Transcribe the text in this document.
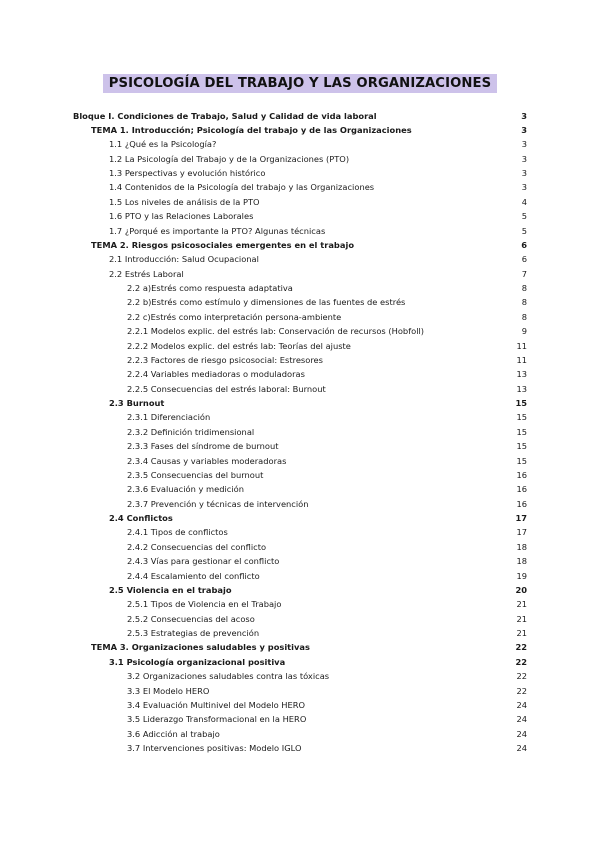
PSICOLOGÍA DEL TRABAJO Y LAS ORGANIZACIONES
Bloque I. Condiciones de Trabajo, Salud y Calidad de vida laboral	3
TEMA 1. Introducción; Psicología del trabajo y de las Organizaciones	3
1.1 ¿Qué es la Psicología?	3
1.2 La Psicología del Trabajo y de la Organizaciones (PTO)	3
1.3 Perspectivas y evolución histórico	3
1.4 Contenidos de la Psicología del trabajo y las Organizaciones	3
1.5 Los niveles de análisis de la PTO	4
1.6 PTO y las Relaciones Laborales	5
1.7 ¿Porqué es importante la PTO? Algunas técnicas	5
TEMA 2. Riesgos psicosociales emergentes en el trabajo	6
2.1 Introducción: Salud Ocupacional	6
2.2 Estrés Laboral	7
2.2 a)Estrés como respuesta adaptativa	8
2.2 b)Estrés como estímulo y dimensiones de las fuentes de estrés	8
2.2 c)Estrés como interpretación persona-ambiente	8
2.2.1 Modelos explic. del estrés lab: Conservación de recursos (Hobfoll)	9
2.2.2 Modelos explic. del estrés lab: Teorías del ajuste	11
2.2.3 Factores de riesgo psicosocial: Estresores	11
2.2.4 Variables mediadoras o moduladoras	13
2.2.5 Consecuencias del estrés laboral: Burnout	13
2.3 Burnout	15
2.3.1 Diferenciación	15
2.3.2 Definición tridimensional	15
2.3.3 Fases del síndrome de burnout	15
2.3.4 Causas y variables moderadoras	15
2.3.5 Consecuencias del burnout	16
2.3.6 Evaluación y medición	16
2.3.7 Prevención y técnicas de intervención	16
2.4 Conflictos	17
2.4.1 Tipos de conflictos	17
2.4.2 Consecuencias del conflicto	18
2.4.3 Vías para gestionar el conflicto	18
2.4.4 Escalamiento del conflicto	19
2.5 Violencia en el trabajo	20
2.5.1 Tipos de Violencia en el Trabajo	21
2.5.2 Consecuencias del acoso	21
2.5.3 Estrategias de prevención	21
TEMA 3. Organizaciones saludables y positivas	22
3.1 Psicología organizacional positiva	22
3.2 Organizaciones saludables contra las tóxicas	22
3.3 El Modelo HERO	22
3.4 Evaluación Multinivel del Modelo HERO	24
3.5 Liderazgo Transformacional en la HERO	24
3.6 Adicción al trabajo	24
3.7 Intervenciones positivas: Modelo IGLO	24
